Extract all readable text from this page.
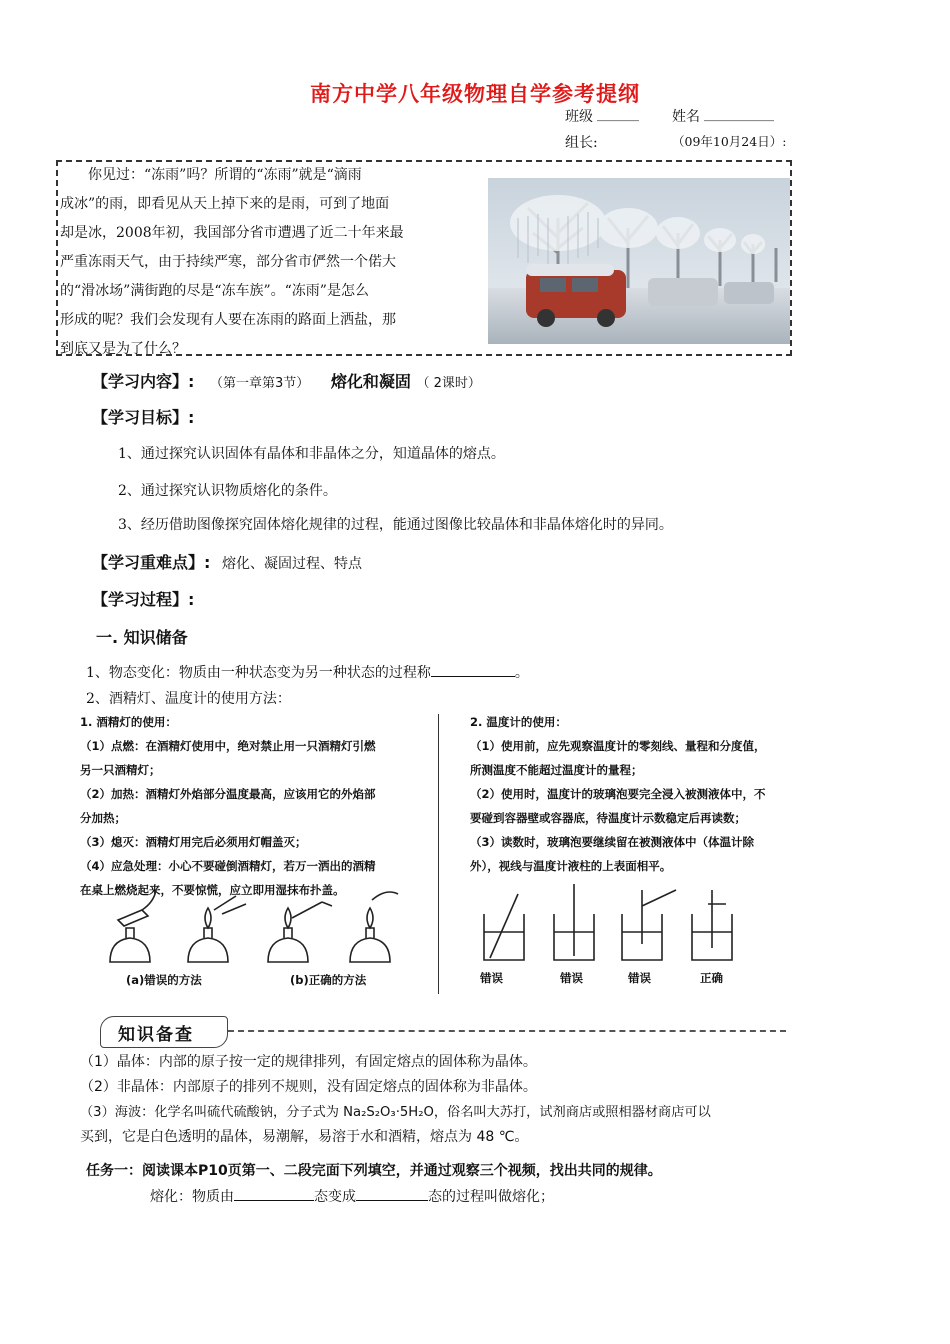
南方中学八年级物理自学参考提纲
班级 ______ 姓名 __________
组长:	（09年10月24日）:
你见过：“冻雨”吗？所谓的“冻雨”就是“滴雨
成冰”的雨，即看见从天上掉下来的是雨，可到了地面
却是冰，2008年初，我国部分省市遭遇了近二十年来最
严重冻雨天气，由于持续严寒，部分省市俨然一个偌大
的“滑冰场”满街跑的尽是“冻车族”。“冻雨”是怎么
形成的呢？我们会发现有人要在冻雨的路面上洒盐，那
到底又是为了什么？
【学习内容】: （第一章第3节） 熔化和凝固 （ 2课时）
【学习目标】:
1、通过探究认识固体有晶体和非晶体之分，知道晶体的熔点。
2、通过探究认识物质熔化的条件。
3、经历借助图像探究固体熔化规律的过程，能通过图像比较晶体和非晶体熔化时的异同。
【学习重难点】: 熔化、凝固过程、特点
【学习过程】:
一. 知识储备
1、物态变化：物质由一种状态变为另一种状态的过程称	。
2、酒精灯、温度计的使用方法：
1. 酒精灯的使用：
（1）点燃：在酒精灯使用中，绝对禁止用一只酒精灯引燃
另一只酒精灯；
（2）加热：酒精灯外焰部分温度最高，应该用它的外焰部
分加热；
（3）熄灭：酒精灯用完后必须用灯帽盖灭；
（4）应急处理：小心不要碰倒酒精灯，若万一洒出的酒精
在桌上燃烧起来，不要惊慌，应立即用湿抹布扑盖。
(a)错误的方法	(b)正确的方法
2. 温度计的使用：
（1）使用前，应先观察温度计的零刻线、量程和分度值，
所测温度不能超过温度计的量程；
（2）使用时，温度计的玻璃泡要完全浸入被测液体中，不
要碰到容器壁或容器底，待温度计示数稳定后再读数；
（3）读数时，玻璃泡要继续留在被测液体中（体温计除
外），视线与温度计液柱的上表面相平。
错误	错误	错误	正确
知识备查
（1）晶体：内部的原子按一定的规律排列，有固定熔点的固体称为晶体。
（2）非晶体：内部原子的排列不规则，没有固定熔点的固体称为非晶体。
（3）海波：化学名叫硫代硫酸钠，分子式为 Na₂S₂O₃·5H₂O，俗名叫大苏打，试剂商店或照相器材商店可以
买到，它是白色透明的晶体，易潮解，易溶于水和酒精，熔点为 48 ℃。
任务一：阅读课本P10页第一、二段完面下列填空，并通过观察三个视频，找出共同的规律。
熔化：物质由	态变成	态的过程叫做熔化；
